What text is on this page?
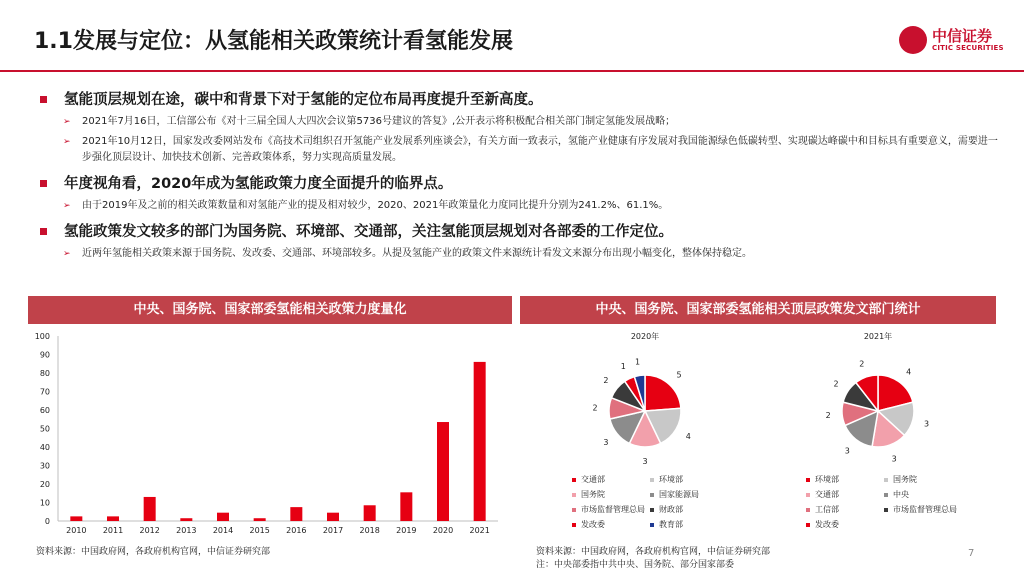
1.1发展与定位：从氢能相关政策统计看氢能发展	中信证券
CITIC SECURITIES
氢能顶层规划在途，碳中和背景下对于氢能的定位布局再度提升至新高度。
➢ 2021年7月16日，工信部公布《对十三届全国人大四次会议第5736号建议的答复》,公开表示将积极配合相关部门制定氢能发展战略；
➢ 2021年10月12日，国家发改委网站发布《高技术司组织召开氢能产业发展系列座谈会》，有关方面一致表示，氢能产业健康有序发展对我国能源绿色低碳转型、实现碳达峰碳中和目标具有重要意义，需要进一步强化顶层设计、加快技术创新、完善政策体系，努力实现高质量发展。
年度视角看，2020年成为氢能政策力度全面提升的临界点。
➢ 由于2019年及之前的相关政策数量和对氢能产业的提及相对较少，2020、2021年政策量化力度同比提升分别为241.2%、61.1%。
氢能政策发文较多的部门为国务院、环境部、交通部，关注氢能顶层规划对各部委的工作定位。
➢ 近两年氢能相关政策来源于国务院、发改委、交通部、环境部较多。从提及氢能产业的政策文件来源统计看发文来源分布出现小幅变化，整体保持稳定。
中央、国务院、国家部委氢能相关政策力度量化	中央、国务院、国家部委氢能相关顶层政策发文部门统计
0
10
20
30
40
50
60
70
80
90
100
2010 2011 2012 2013 2014 2015 2016 2017 2018 2019 2020 2021
2020年
5
4
3
3
2
2
1 1
2021年
4
3
3
3
2
2
2
交通部	环境部
国务院	国家能源局
市场监督管理总局	财政部
发改委	教育部
环境部	国务院
交通部	中央
工信部	市场监督管理总局
发改委
资料来源：中国政府网，各政府机构官网，中信证券研究部	资料来源：中国政府网，各政府机构官网，中信证券研究部
注：中央部委指中共中央、国务院、部分国家部委
7
